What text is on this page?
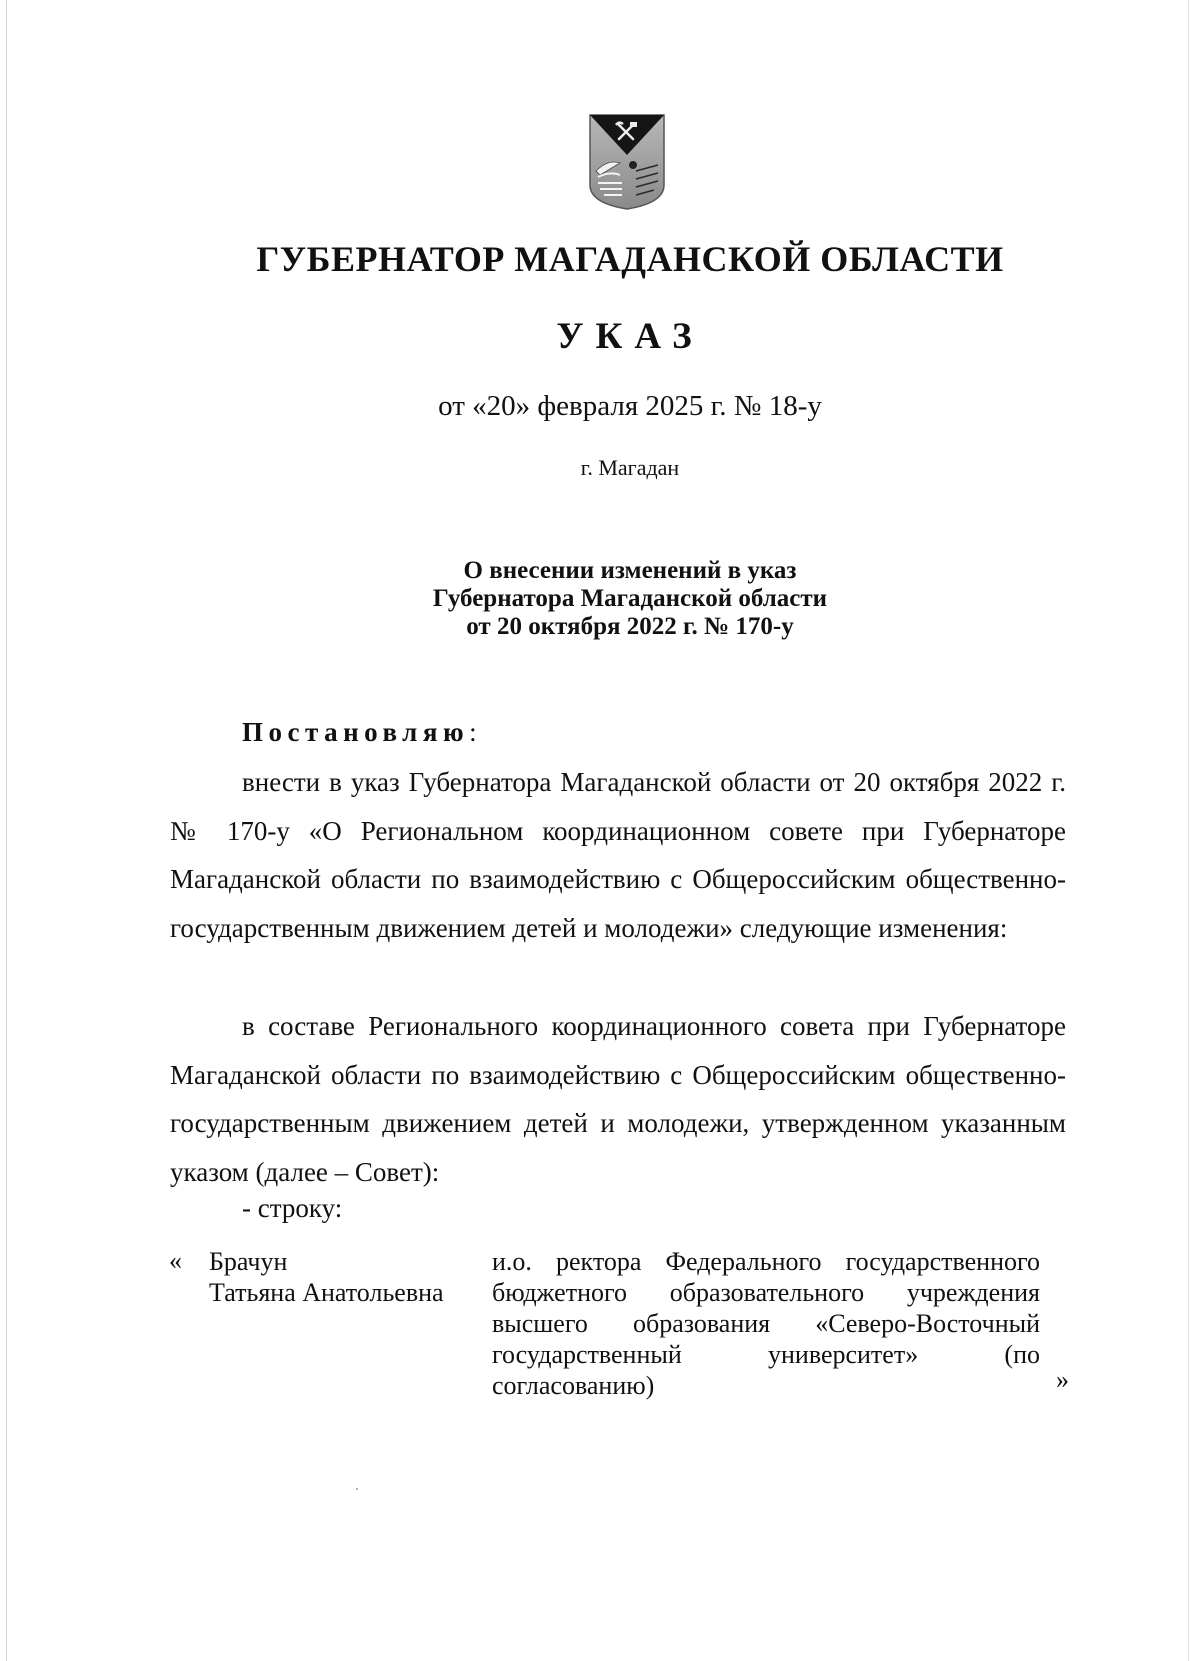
ГУБЕРНАТОР МАГАДАНСКОЙ ОБЛАСТИ
УКАЗ
от «20» февраля 2025 г. № 18-у
г. Магадан
О внесении изменений в указ
Губернатора Магаданской области
от 20 октября 2022 г. № 170-у
Постановляю:
внести в указ Губернатора Магаданской области от 20 октября 2022 г. № 170-у «О Региональном координационном совете при Губернаторе Магаданской области по взаимодействию с Общероссийским общественно-государственным движением детей и молодежи» следующие изменения:
в составе Регионального координационного совета при Губернаторе Магаданской области по взаимодействию с Общероссийским общественно-государственным движением детей и молодежи, утвержденном указанным указом (далее – Совет):
- строку:
« Брачун
Татьяна Анатольевна
и.о. ректора Федерального государственного бюджетного образовательного учреждения высшего образования «Северо-Восточный государственный университет» (по согласованию)	»
